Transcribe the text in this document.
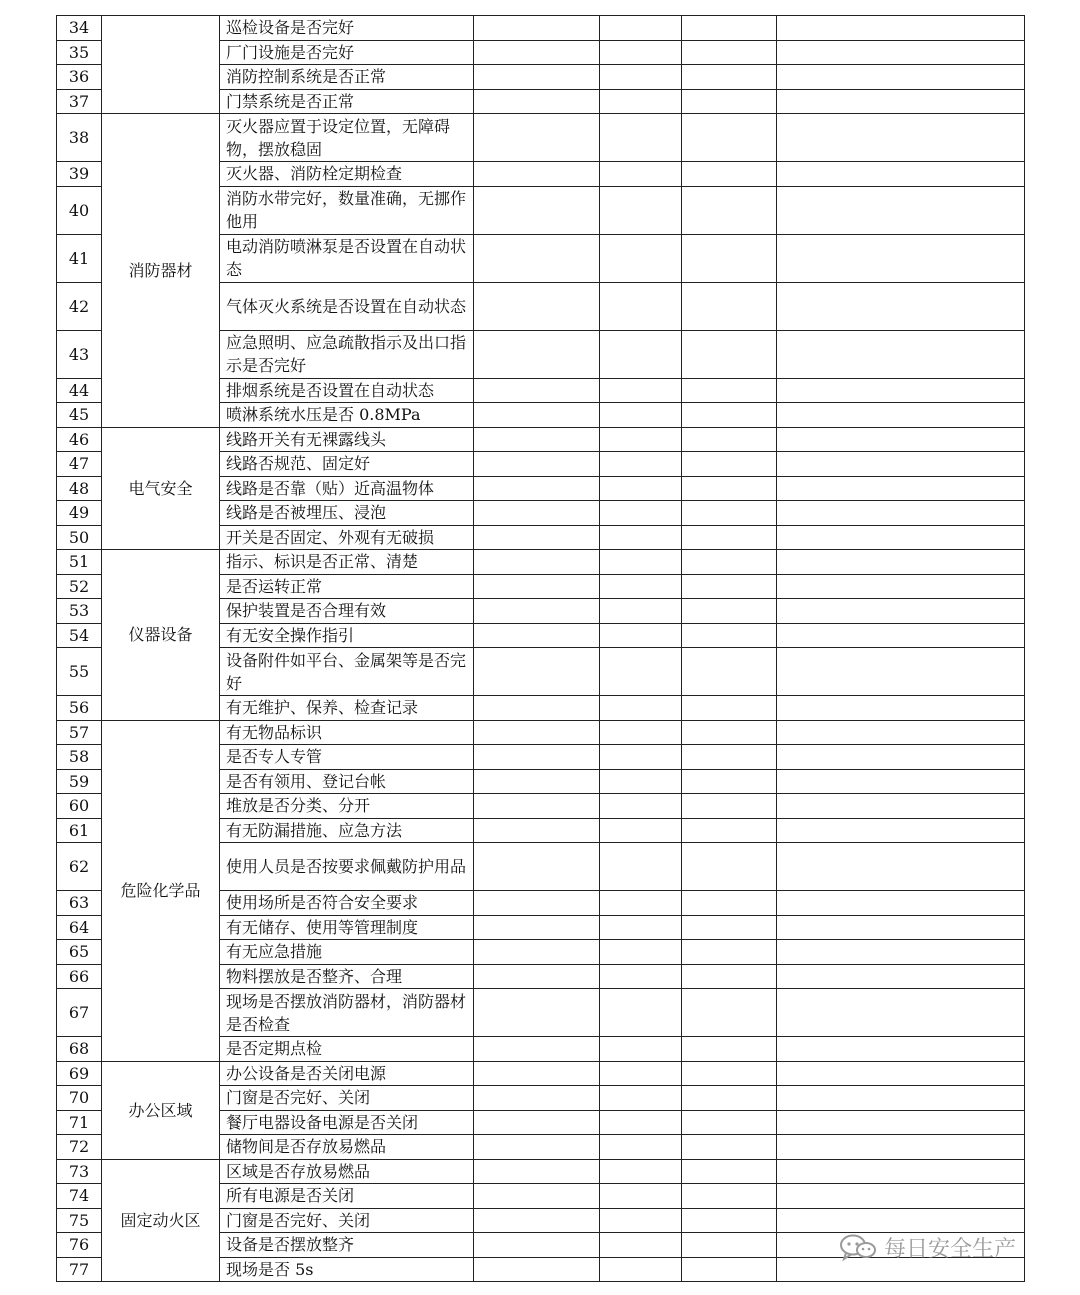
34		巡检设备是否完好				
35		厂门设施是否完好				
36		消防控制系统是否正常				
37		门禁系统是否正常				
38	消防器材	灭火器应置于设定位置，无障碍物，摆放稳固				
39		灭火器、消防栓定期检查				
40		消防水带完好，数量准确，无挪作他用				
41		电动消防喷淋泵是否设置在自动状态				
42		气体灭火系统是否设置在自动状态				
43		应急照明、应急疏散指示及出口指示是否完好				
44		排烟系统是否设置在自动状态				
45		喷淋系统水压是否 0.8MPa				
46	电气安全	线路开关有无裸露线头				
47		线路否规范、固定好				
48		线路是否靠（贴）近高温物体				
49		线路是否被埋压、浸泡				
50		开关是否固定、外观有无破损				
51	仪器设备	指示、标识是否正常、清楚				
52		是否运转正常				
53		保护装置是否合理有效				
54		有无安全操作指引				
55		设备附件如平台、金属架等是否完好				
56		有无维护、保养、检查记录				
57	危险化学品	有无物品标识				
58		是否专人专管				
59		是否有领用、登记台帐				
60		堆放是否分类、分开				
61		有无防漏措施、应急方法				
62		使用人员是否按要求佩戴防护用品				
63		使用场所是否符合安全要求				
64		有无储存、使用等管理制度				
65		有无应急措施				
66		物料摆放是否整齐、合理				
67		现场是否摆放消防器材，消防器材是否检查				
68		是否定期点检				
69	办公区域	办公设备是否关闭电源				
70		门窗是否完好、关闭				
71		餐厅电器设备电源是否关闭				
72		储物间是否存放易燃品				
73	固定动火区	区域是否存放易燃品				
74		所有电源是否关闭				
75		门窗是否完好、关闭				
76		设备是否摆放整齐				
77		现场是否 5s				
每日安全生产
